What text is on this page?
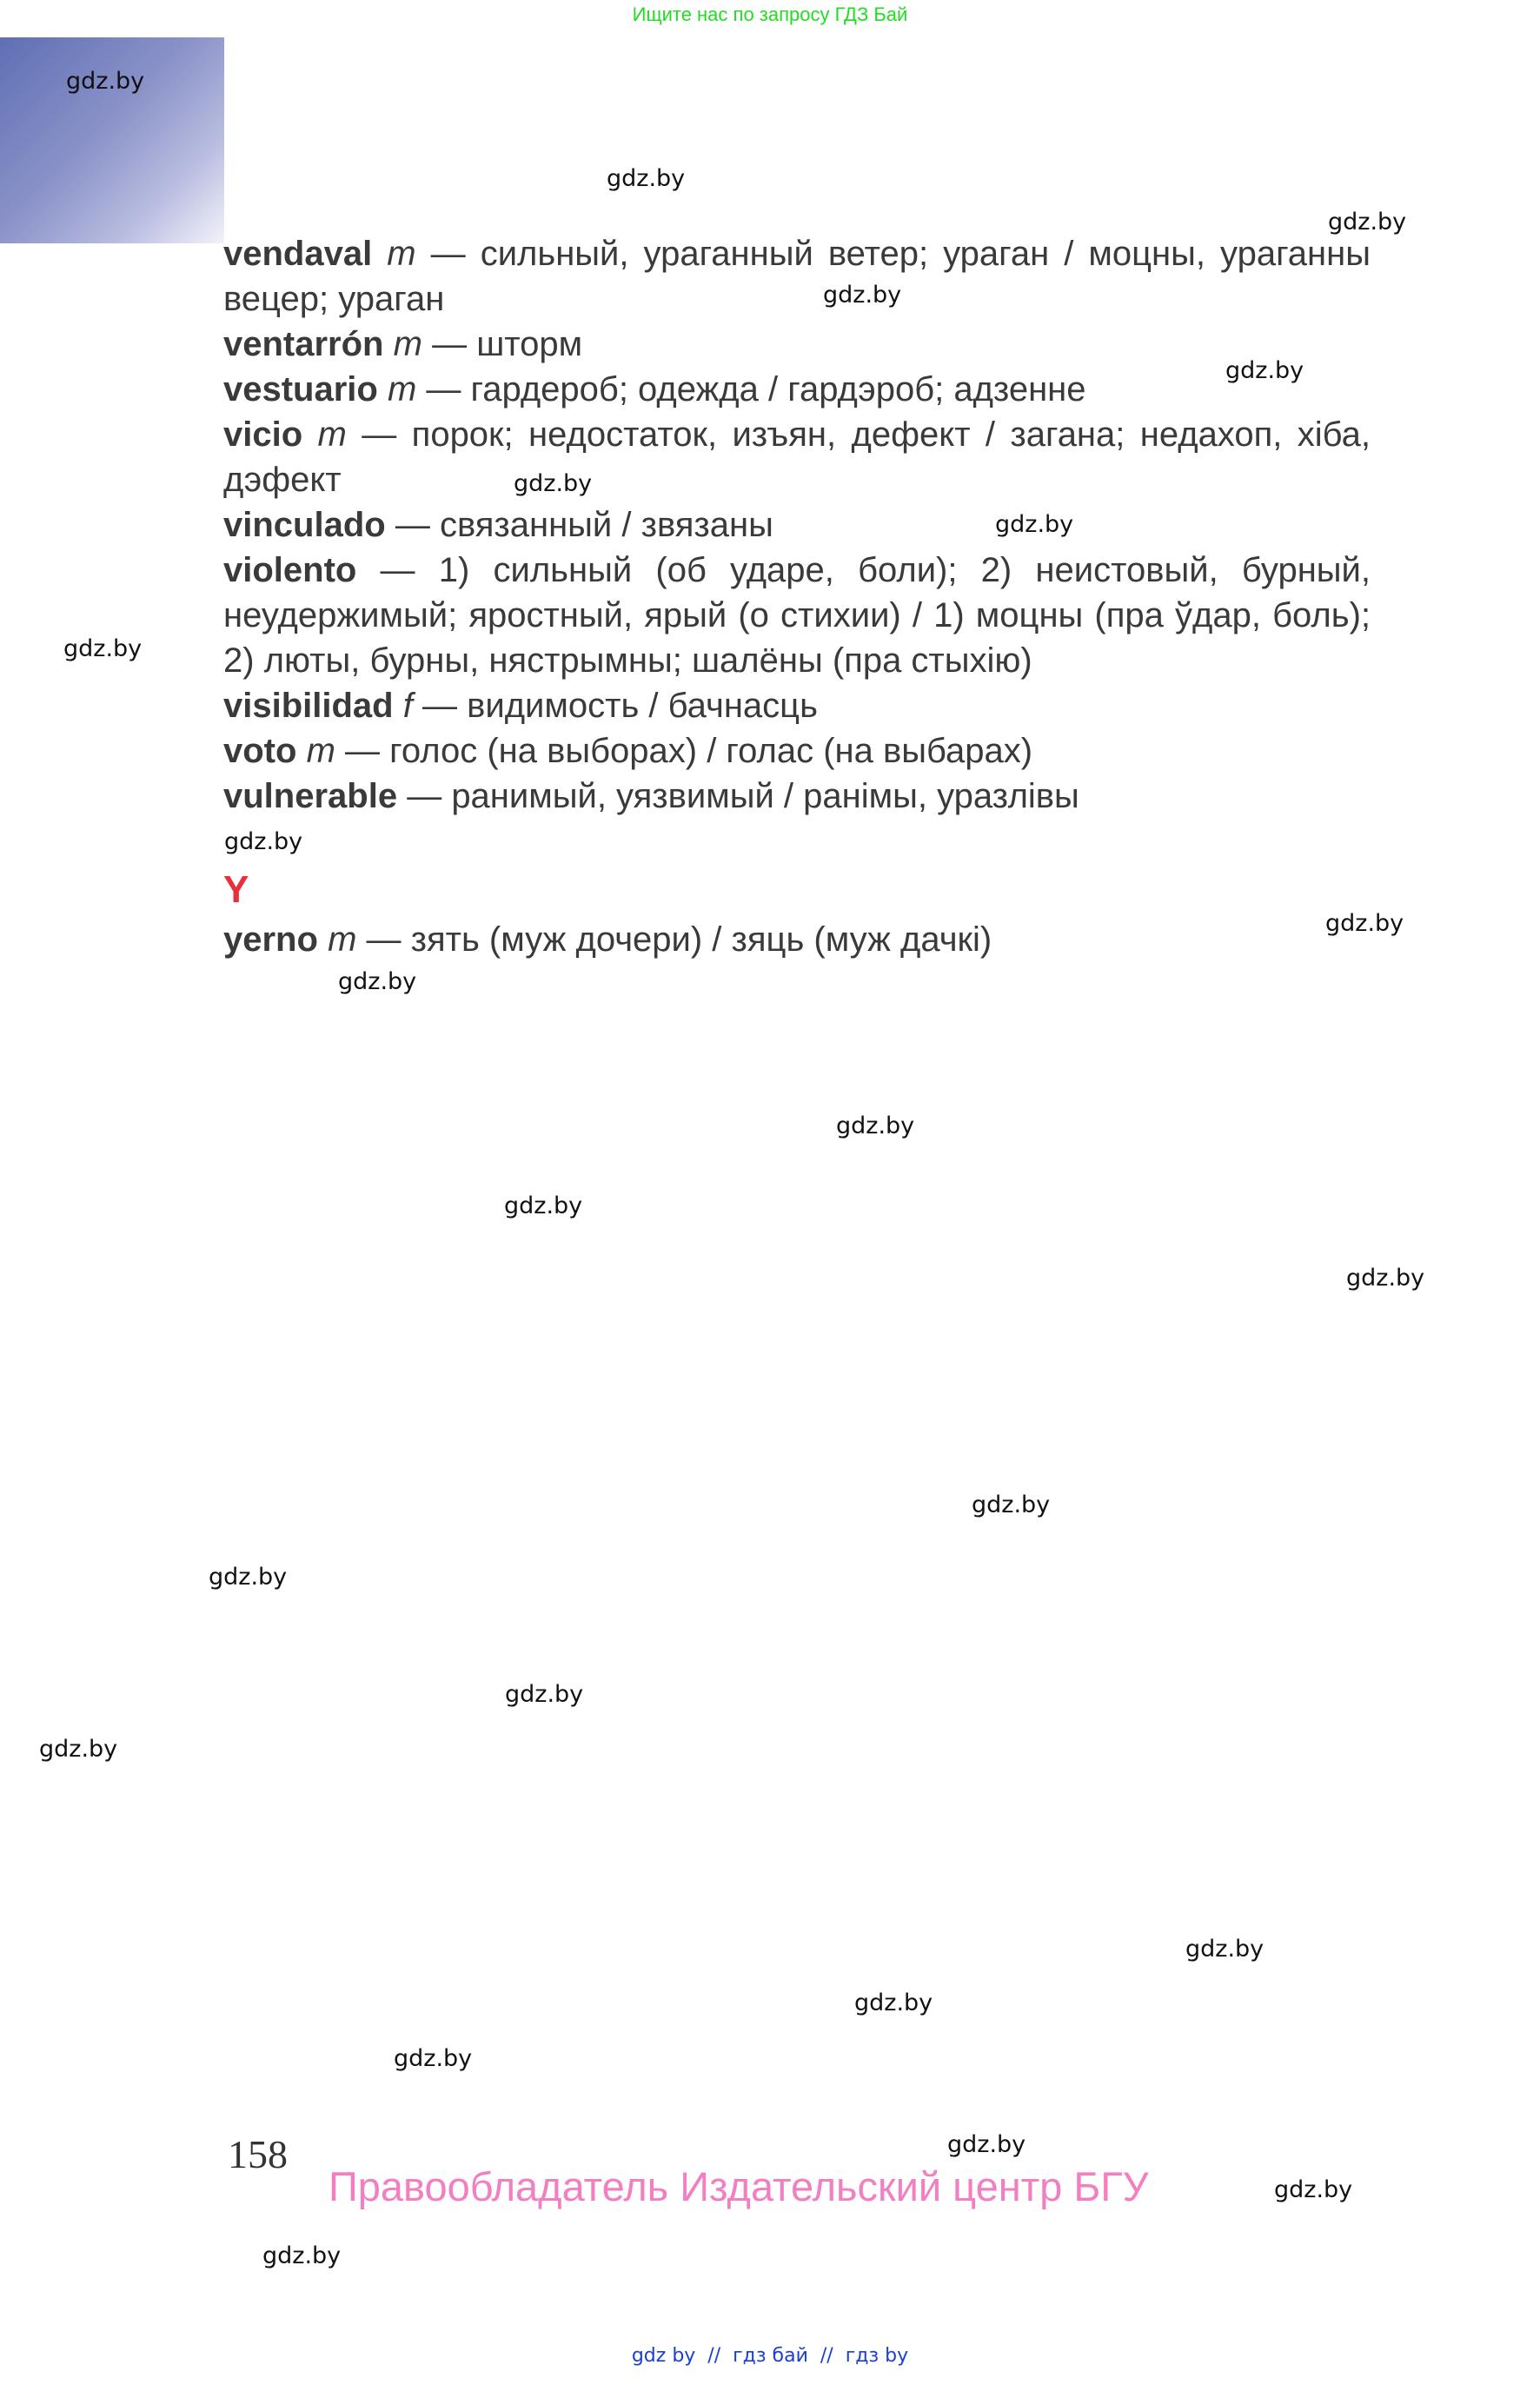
Ищите нас по запросу ГДЗ Бай

vendaval m — сильный, ураганный ветер; ураган / моцны, ураганны вецер; ураган

ventarrón m — шторм

vestuario m — гардероб; одежда / гардэроб; адзенне

vicio m — порок; недостаток, изъян, дефект / загана; недахоп, хіба, дэфект

vinculado — связанный / звязаны

violento — 1) сильный (об ударе, боли); 2) неистовый, бурный, неудержимый; яростный, ярый (о стихии) / 1) моцны (пра ўдар, боль); 2) люты, бурны, нястрымны; шалёны (пра стыхію)

visibilidad f — видимость / бачнасць

voto m — голос (на выборах) / голас (на выбарах)

vulnerable — ранимый, уязвимый / ранімы, уразлівы

Y

yerno m — зять (муж дочери) / зяць (муж дачкі)

gdz.by
gdz.by
gdz.by
gdz.by
gdz.by
gdz.by
gdz.by
gdz.by
gdz.by
gdz.by
gdz.by
gdz.by
gdz.by
gdz.by
gdz.by
gdz.by
gdz.by
gdz.by
gdz.by
gdz.by
gdz.by
gdz.by
gdz.by
gdz.by
158
Правообладатель Издательский центр БГУ
gdz by  //  гдз бай  //  гдз by
